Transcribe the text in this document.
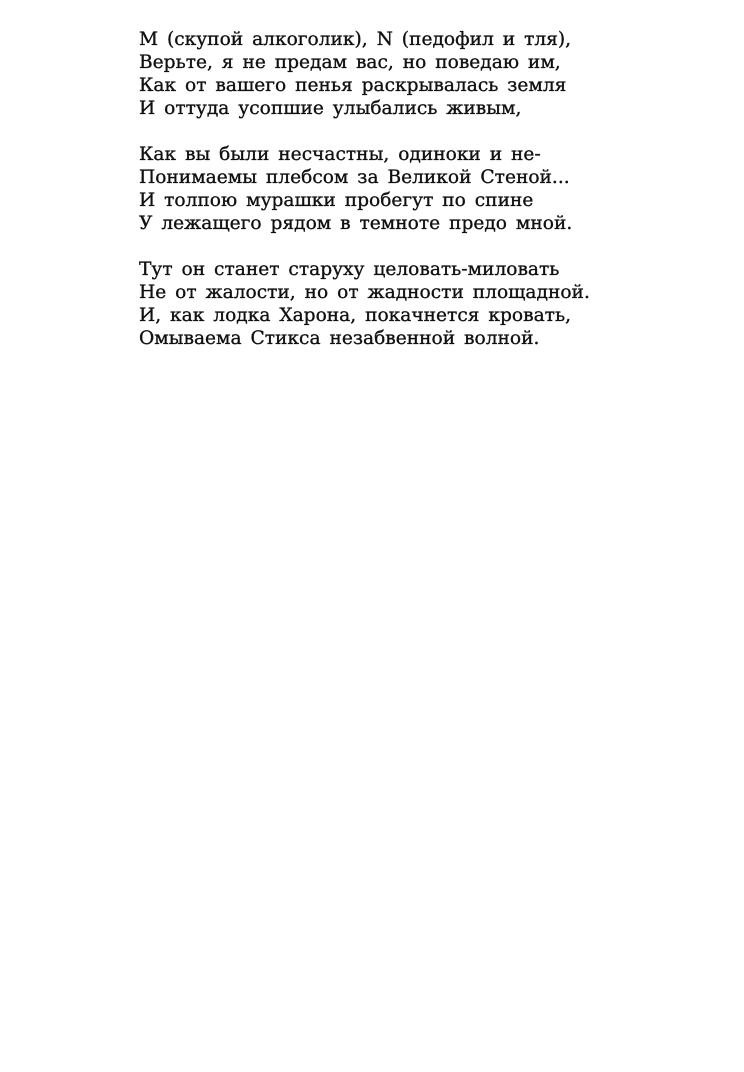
M (скупой алкоголик), N (педофил и тля),
Верьте, я не предам вас, но поведаю им,
Как от вашего пенья раскрывалась земля
И оттуда усопшие улыбались живым,
Как вы были несчастны, одиноки и не-
Понимаемы плебсом за Великой Стеной...
И толпою мурашки пробегут по спине
У лежащего рядом в темноте предо мной.
Тут он станет старуху целовать-миловать
Не от жалости, но от жадности площадной.
И, как лодка Харона, покачнется кровать,
Омываема Стикса незабвенной волной.
